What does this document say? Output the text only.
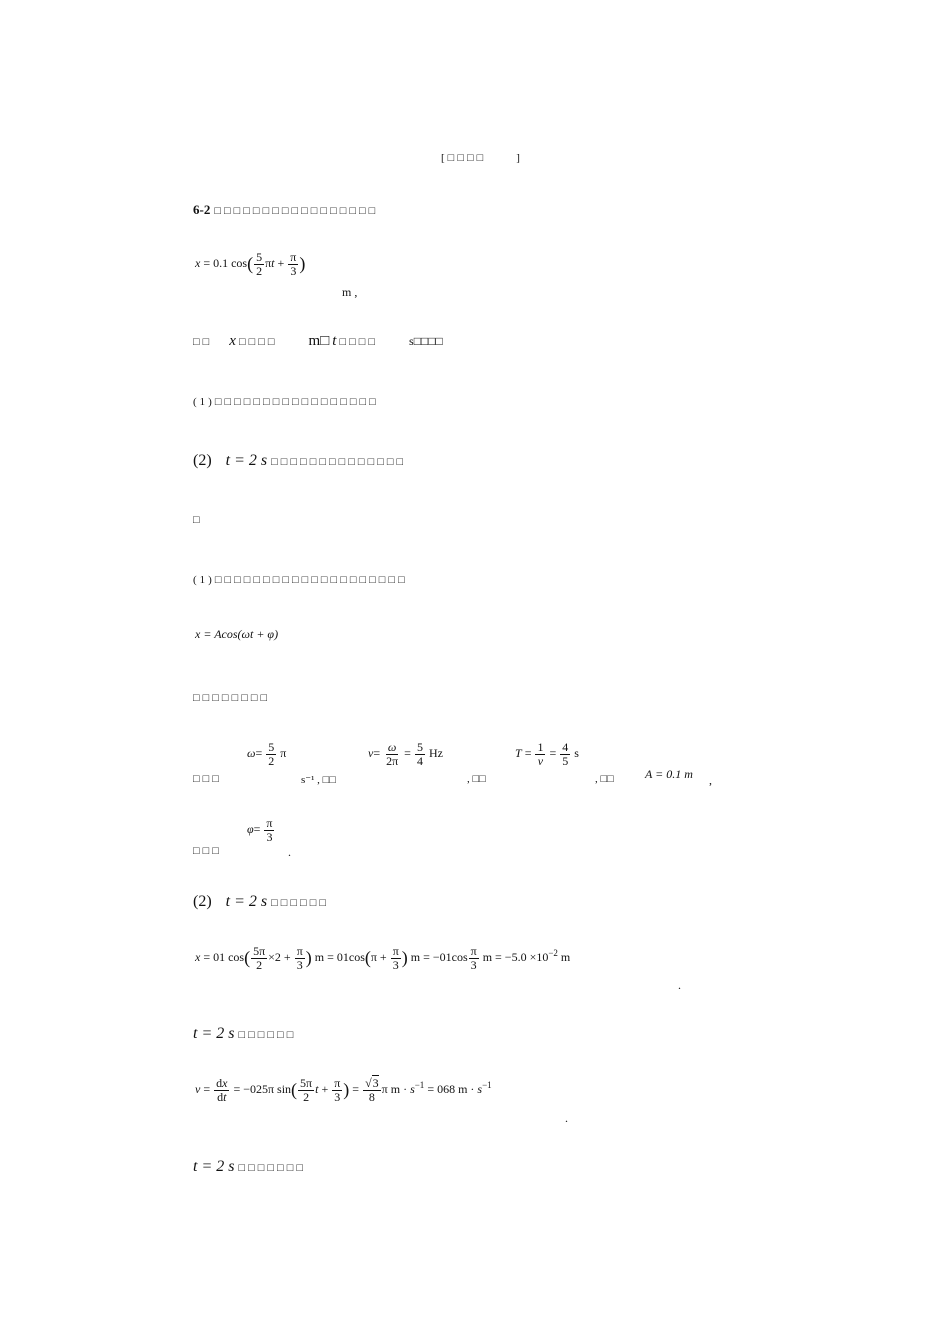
[□□□□	]
6-2 □□□□□□□□□□□□□□□□□
x = 0.1 $\cos( \frac{5}{2}$ $\pi t + \frac{\pi}{3}$ )
m ,
□□ x □□□□ m□ t □□□□	s□□□□
(1)□□□□□□□□□□□□□□□□□
(2) t = 2 s □□□□□□□□□□□□□□
□
(1)□□□□□□□□□□□□□□□□□□□□
x = Acos(ωt + φ)
□□□□□□□□
$\omega= \frac{5}{2}$ π	$\nu= \frac{\omega}{2\pi} = \frac{5}{4}$ Hz	$T = \frac{1}{\nu} = \frac{4}{5}$ s
□□□	s⁻¹ , □□	, □□	, □□	A = 0.1 m ,
$\varphi= \frac{\pi}{3}$
□□□	.
(2) t = 2 s □□□□□□
x = 01 $\cos( \frac{5\pi}{2} \times 2 + \frac{\pi}{3}$ ) $m = 01\cos(\pi + \frac{\pi}{3}$ ) $m = -01\cos \frac{\pi}{3}$ $m = -5.0 \times 10^{-2}$ m
.
t = 2 s □□□□□□
$v = \frac{dx}{dt} = -025\pi$ $\sin( \frac{5\pi}{2}$ $t + \frac{\pi}{3}$ ) = $\frac{√3}{8}$ π $m \cdot s^{-1} = 068$ $m \cdot s^{-1}$
.
t = 2 s □□□□□□□
